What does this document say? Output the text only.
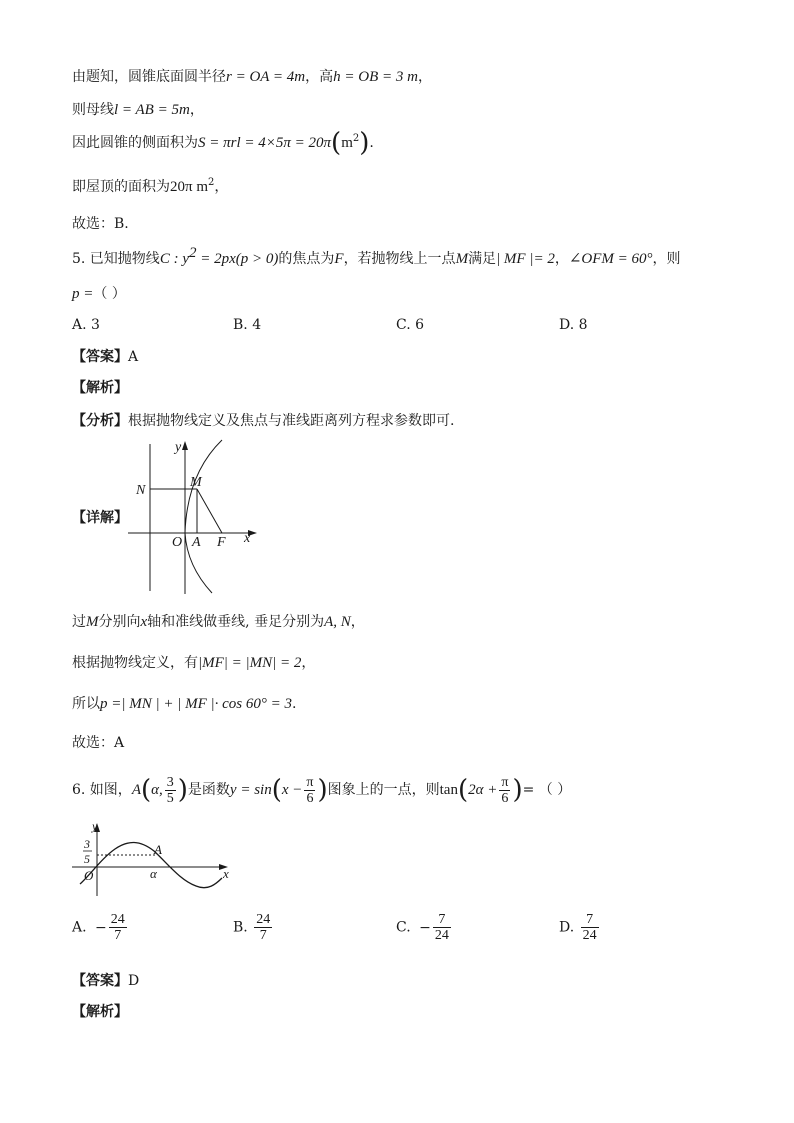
由题知，圆锥底面圆半径r = OA = 4m，高h = OB = 3 m，
则母线l = AB = 5m，
因此圆锥的侧面积为$S = \pi rl = 4\times 5\pi = 20\pi(m^2)$.
即屋顶的面积为20π $m^2$，
故选：B.
5. 已知抛物线C : $y^2 = 2px(p > 0)$的焦点为F，若抛物线上一点M满足| MF |= 2，∠OFM = 60°，则
p =（ ）
A. 3	B. 4	C. 6	D. 8
【答案】A
【解析】
【分析】根据抛物线定义及焦点与准线距离列方程求参数即可.
【详解】
y
N
M
O A F x
过M分别向x轴和准线做垂线, 垂足分别为A, N，
根据抛物线定义，有|MF| = |MN| = 2，
所以p =| MN | + | MF |· cos 60° = 3.
故选：A
6. 如图，A(α, $\frac{3}{5}$ )是函数$y = \sin(x - \frac{\pi}{6}$ )图象上的一点，则$\tan(2\alpha + \frac{\pi}{6}$ )= （ ）
y
3
5
A
O	α	x
A. − $\frac{24}{7}$	B. $\frac{24}{7}$	C. − $\frac{7}{24}$	D. $\frac{7}{24}$
【答案】D
【解析】
